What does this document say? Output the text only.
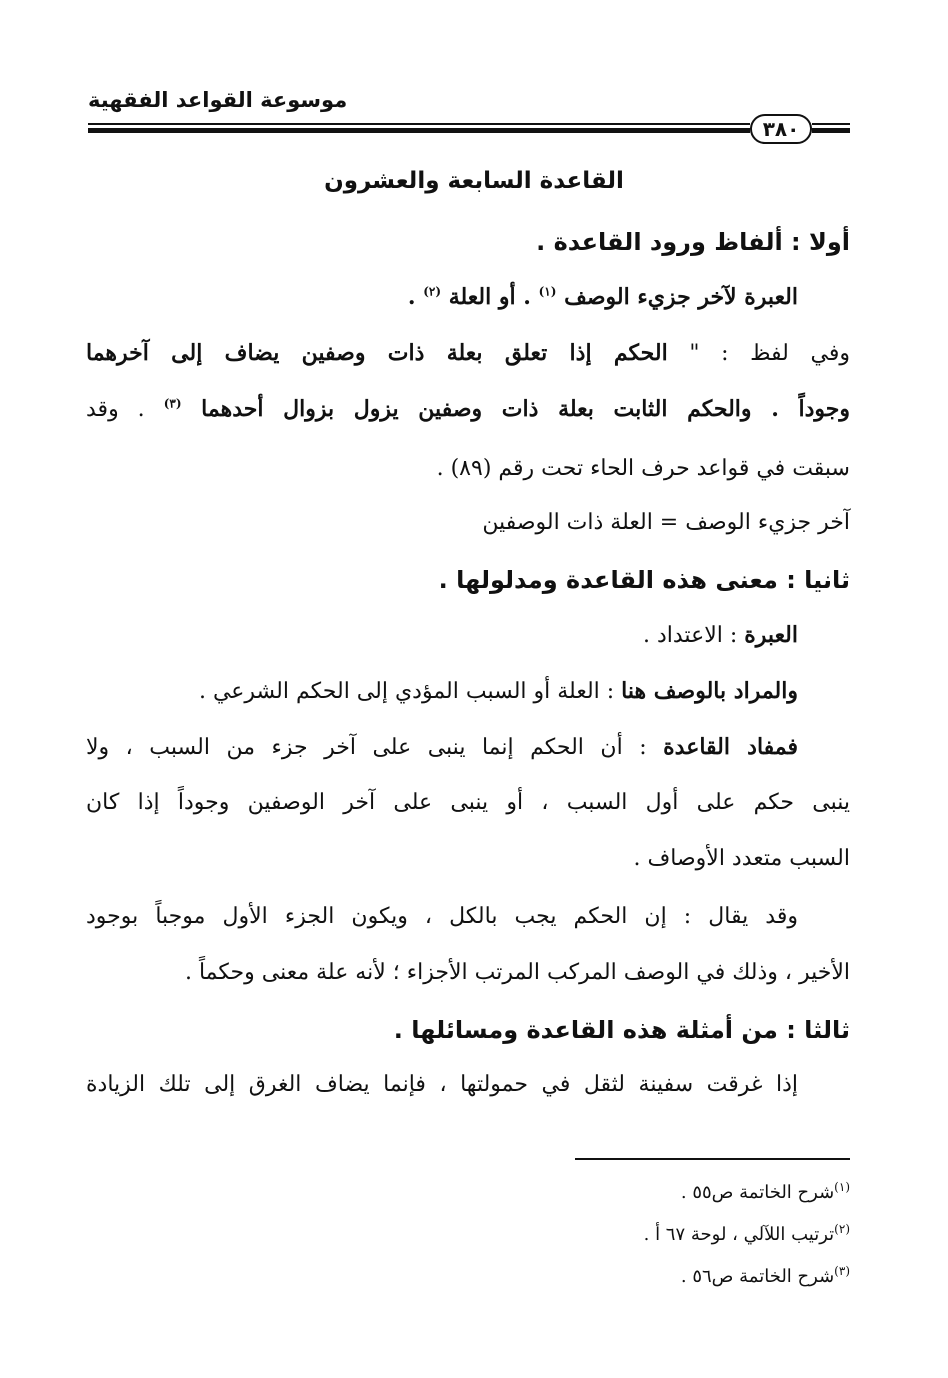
موسوعة القواعد الفقهية
٣٨٠
القاعدة السابعة والعشرون
أولا : ألفاظ ورود القاعدة .
العبرة لآخر جزيء الوصف $^{(١)}$ . أو العلة $^{(٢)}$ .
وفي لفظ : " الحكم إذا تعلق بعلة ذات وصفين يضاف إلى آخرهما
وجوداً . والحكم الثابت بعلة ذات وصفين يزول بزوال أحدهما $^{(٣)}$ . وقد
سبقت في قواعد حرف الحاء تحت رقم (٨٩) .
آخر جزيء الوصف = العلة ذات الوصفين
ثانيا : معنى هذه القاعدة ومدلولها .
العبرة : الاعتداد .
والمراد بالوصف هنا : العلة أو السبب المؤدي إلى الحكم الشرعي .
فمفاد القاعدة : أن الحكم إنما ينبى على آخر جزء من السبب ، ولا
ينبى حكم على أول السبب ، أو ينبى على آخر الوصفين وجوداً إذا كان
السبب متعدد الأوصاف .
وقد يقال : إن الحكم يجب بالكل ، ويكون الجزء الأول موجباً بوجود
الأخير ، وذلك في الوصف المركب المرتب الأجزاء ؛ لأنه علة معنى وحكماً .
ثالثا : من أمثلة هذه القاعدة ومسائلها .
إذا غرقت سفينة لثقل في حمولتها ، فإنما يضاف الغرق إلى تلك الزيادة
$^{(١)}$شرح الخاتمة ص٥٥ .
$^{(٢)}$ترتيب اللآلي ، لوحة ٦٧ أ .
$^{(٣)}$شرح الخاتمة ص٥٦ .
